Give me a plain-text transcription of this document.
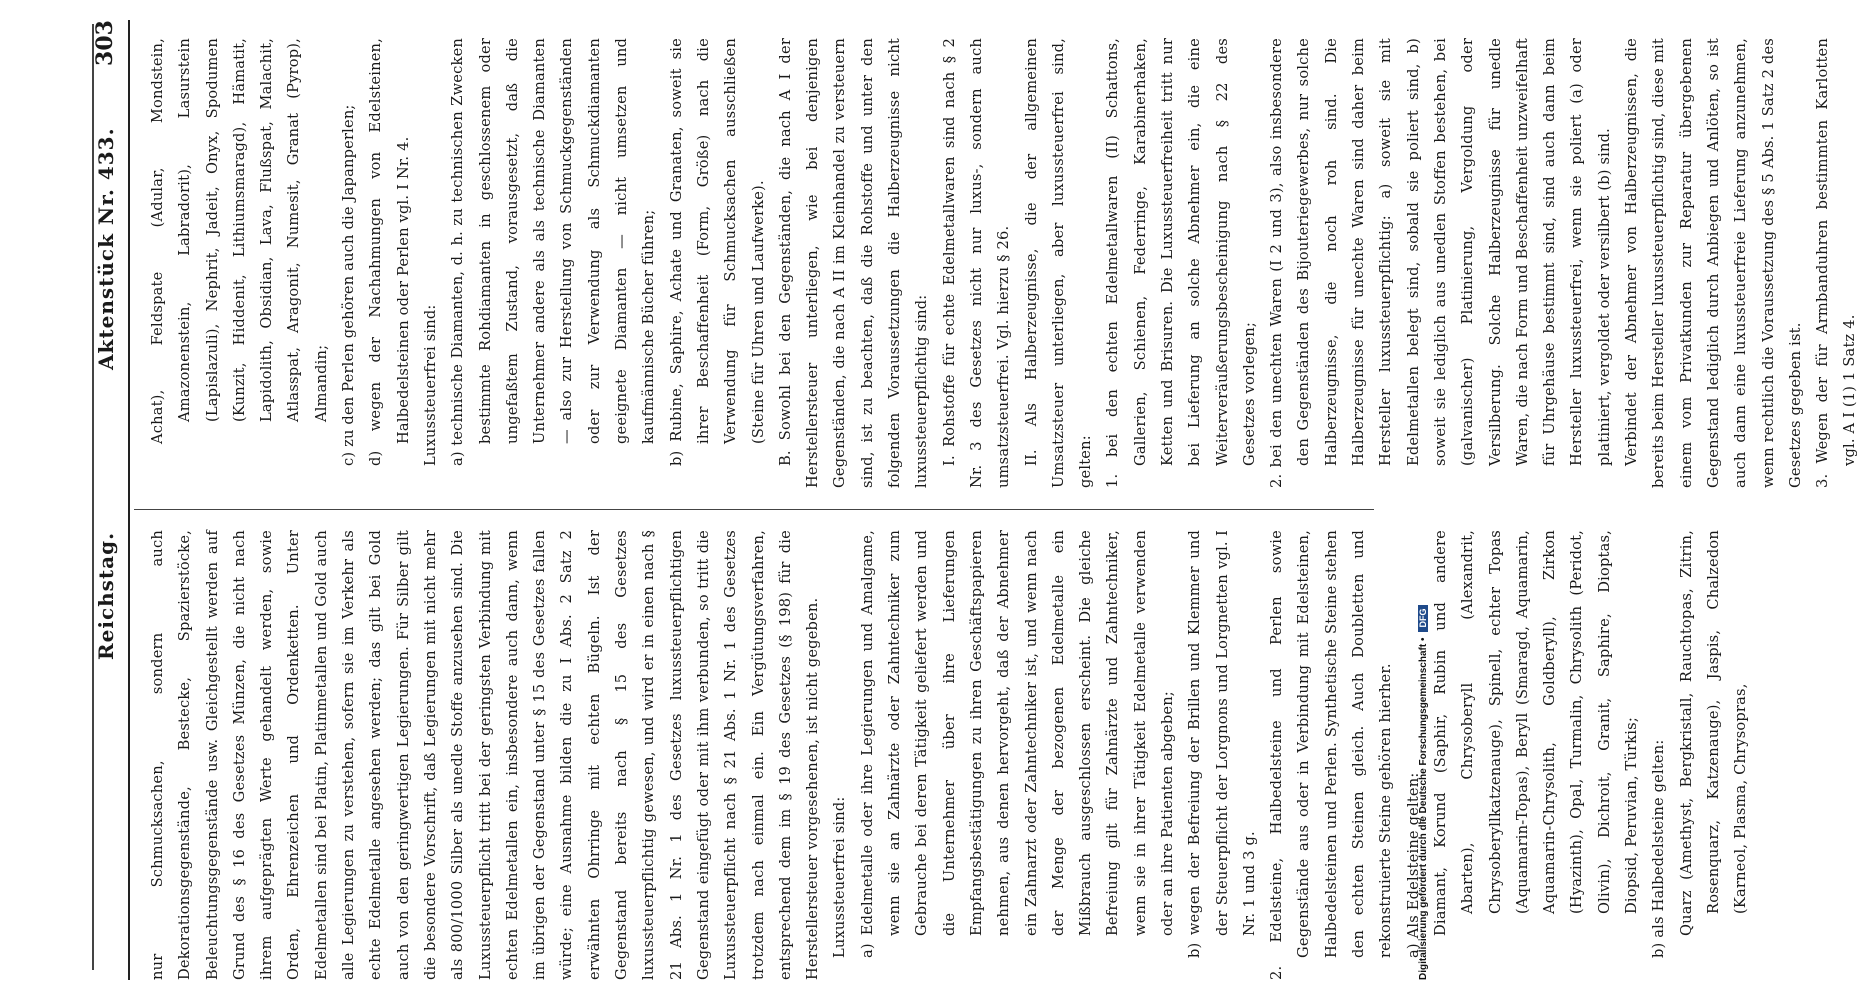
Reichstag.
Aktenstück Nr. 433.
303

nur Schmucksachen, sondern auch Dekorationsgegenstände, Bestecke, Spazierstöcke, Beleuchtungsgegenstände usw. Gleichgestellt werden auf Grund des § 16 des Gesetzes Münzen, die nicht nach ihrem aufgeprägten Werte gehandelt werden, sowie Orden, Ehrenzeichen und Ordenketten. Unter Edelmetallen sind bei Platin, Platinmetallen und Gold auch alle Legierungen zu verstehen, sofern sie im Verkehr als echte Edelmetalle angesehen werden; das gilt bei Gold auch von den geringwertigen Legierungen. Für Silber gilt die besondere Vorschrift, daß Legierungen mit nicht mehr als 800/1000 Silber als unedle Stoffe anzusehen sind. Die Luxussteuerpflicht tritt bei der geringsten Verbindung mit echten Edelmetallen ein, insbesondere auch dann, wenn im übrigen der Gegenstand unter § 15 des Gesetzes fallen würde; eine Ausnahme bilden die zu I Abs. 2 Satz 2 erwähnten Ohrringe mit echten Bügeln. Ist der Gegenstand bereits nach § 15 des Gesetzes luxussteuerpflichtig gewesen, und wird er in einen nach § 21 Abs. 1 Nr. 1 des Gesetzes luxussteuerpflichtigen Gegenstand eingefügt oder mit ihm verbunden, so tritt die Luxussteuerpflicht nach § 21 Abs. 1 Nr. 1 des Gesetzes trotzdem nach einmal ein. Ein Vergütungsverfahren, entsprechend dem im § 19 des Gesetzes (§ 198) für die Herstellersteuer vorgesehenen, ist nicht gegeben. Luxussteuerfrei sind: a) Edelmetalle oder ihre Legierungen und Amalgame, wenn sie an Zahnärzte oder Zahntechniker zum Gebrauche bei deren Tätigkeit geliefert werden und die Unternehmer über ihre Lieferungen Empfangsbestätigungen zu ihren Geschäftspapieren nehmen, aus denen hervorgeht, daß der Abnehmer ein Zahnarzt oder Zahntechniker ist, und wenn nach der Menge der bezogenen Edelmetalle ein Mißbrauch ausgeschlossen erscheint. Die gleiche Befreiung gilt für Zahnärzte und Zahntechniker, wenn sie in ihrer Tätigkeit Edelmetalle verwenden oder an ihre Patienten abgeben; b) wegen der Befreiung der Brillen und Klemmer und der Steuerpflicht der Lorgnons und Lorgnetten vgl. I Nr. 1 und 3 g. 2. Edelsteine, Halbedelsteine und Perlen sowie Gegenstände aus oder in Verbindung mit Edelsteinen, Halbedelsteinen und Perlen. Synthetische Steine stehen den echten Steinen gleich. Auch Doubletten und rekonstruierte Steine gehören hierher. a) Als Edelsteine gelten: Diamant, Korund (Saphir, Rubin und andere Abarten), Chrysoberyll (Alexandrit, Chrysoberyllkatzenauge), Spinell, echter Topas (Aquamarin-Topas), Beryll (Smaragd, Aquamarin, Aquamarin-Chrysolith, Goldberyll), Zirkon (Hyazinth), Opal, Turmalin, Chrysolith (Peridot, Olivin), Dichroit, Granit, Saphire, Dioptas, Diopsid, Peruvian, Türkis; b) als Halbedelsteine gelten: Quarz (Amethyst, Bergkristall, Rauchtopas, Zitrin, Rosenquarz, Katzenauge), Jaspis, Chalzedon (Karneol, Plasma, Chrysopras,

Achat), Feldspate (Adular, Mondstein, Amazonenstein, Labradorit), Lasurstein (Lapislazuli), Nephrit, Jadeit, Onyx, Spodumen (Kunzit, Hiddenit, Lithiumsmaragd), Hämatit, Lapidolith, Obsidian, Lava, Flußspat, Malachit, Atlasspat, Aragonit, Numesit, Granat (Pyrop), Almandin; c) zu den Perlen gehören auch die Japanperlen; d) wegen der Nachahmungen von Edelsteinen, Halbedelsteinen oder Perlen vgl. I Nr. 4. Luxussteuerfrei sind: a) technische Diamanten, d. h. zu technischen Zwecken bestimmte Rohdiamanten in geschlossenem oder ungefaßtem Zustand, vorausgesetzt, daß die Unternehmer andere als als technische Diamanten — also zur Herstellung von Schmuckgegenständen oder zur Verwendung als Schmuckdiamanten geeignete Diamanten — nicht umsetzen und kaufmännische Bücher führen; b) Rubine, Saphire, Achate und Granaten, soweit sie ihrer Beschaffenheit (Form, Größe) nach die Verwendung für Schmucksachen ausschließen (Steine für Uhren und Laufwerke). B. Sowohl bei den Gegenständen, die nach A I der Herstellersteuer unterliegen, wie bei denjenigen Gegenständen, die nach A II im Kleinhandel zu versteuern sind, ist zu beachten, daß die Rohstoffe und unter den folgenden Voraussetzungen die Halberzeugnisse nicht luxussteuerpflichtig sind: I. Rohstoffe für echte Edelmetallwaren sind nach § 2 Nr. 3 des Gesetzes nicht nur luxus-, sondern auch umsatzsteuerfrei. Vgl. hierzu § 26. II. Als Halberzeugnisse, die der allgemeinen Umsatzsteuer unterliegen, aber luxussteuerfrei sind, gelten: 1. bei den echten Edelmetallwaren (II) Schattons, Gallerien, Schienen, Federringe, Karabinerhaken, Ketten und Brisuren. Die Luxussteuerfreiheit tritt nur bei Lieferung an solche Abnehmer ein, die eine Weiterveräußerungsbescheinigung nach § 22 des Gesetzes vorlegen; 2. bei den unechten Waren (I 2 und 3), also insbesondere den Gegenständen des Bijouteriegewerbes, nur solche Halberzeugnisse, die noch roh sind. Die Halberzeugnisse für unechte Waren sind daher beim Hersteller luxussteuerpflichtig: a) soweit sie mit Edelmetallen belegt sind, sobald sie poliert sind, b) soweit sie lediglich aus unedlen Stoffen bestehen, bei (galvanischer) Platinierung, Vergoldung oder Versilberung. Solche Halberzeugnisse für unedle Waren, die nach Form und Beschaffenheit unzweifelhaft für Uhrgehäuse bestimmt sind, sind auch dann beim Hersteller luxussteuerfrei, wenn sie poliert (a) oder platiniert, vergoldet oder versilbert (b) sind. Verbindet der Abnehmer von Halberzeugnissen, die bereits beim Hersteller luxussteuerpflichtig sind, diese mit einem vom Privatkunden zur Reparatur übergebenen Gegenstand lediglich durch Anbiegen und Anlöten, so ist auch dann eine luxussteuerfreie Lieferung anzunehmen, wenn rechtlich die Voraussetzung des § 5 Abs. 1 Satz 2 des Gesetzes gegeben ist. 3. Wegen der für Armbanduhren bestimmten Karlotten vgl. A I (1) 1 Satz 4.

Digitalisierung gefördert durch die Deutsche Forschungsgemeinschaft •DFG
